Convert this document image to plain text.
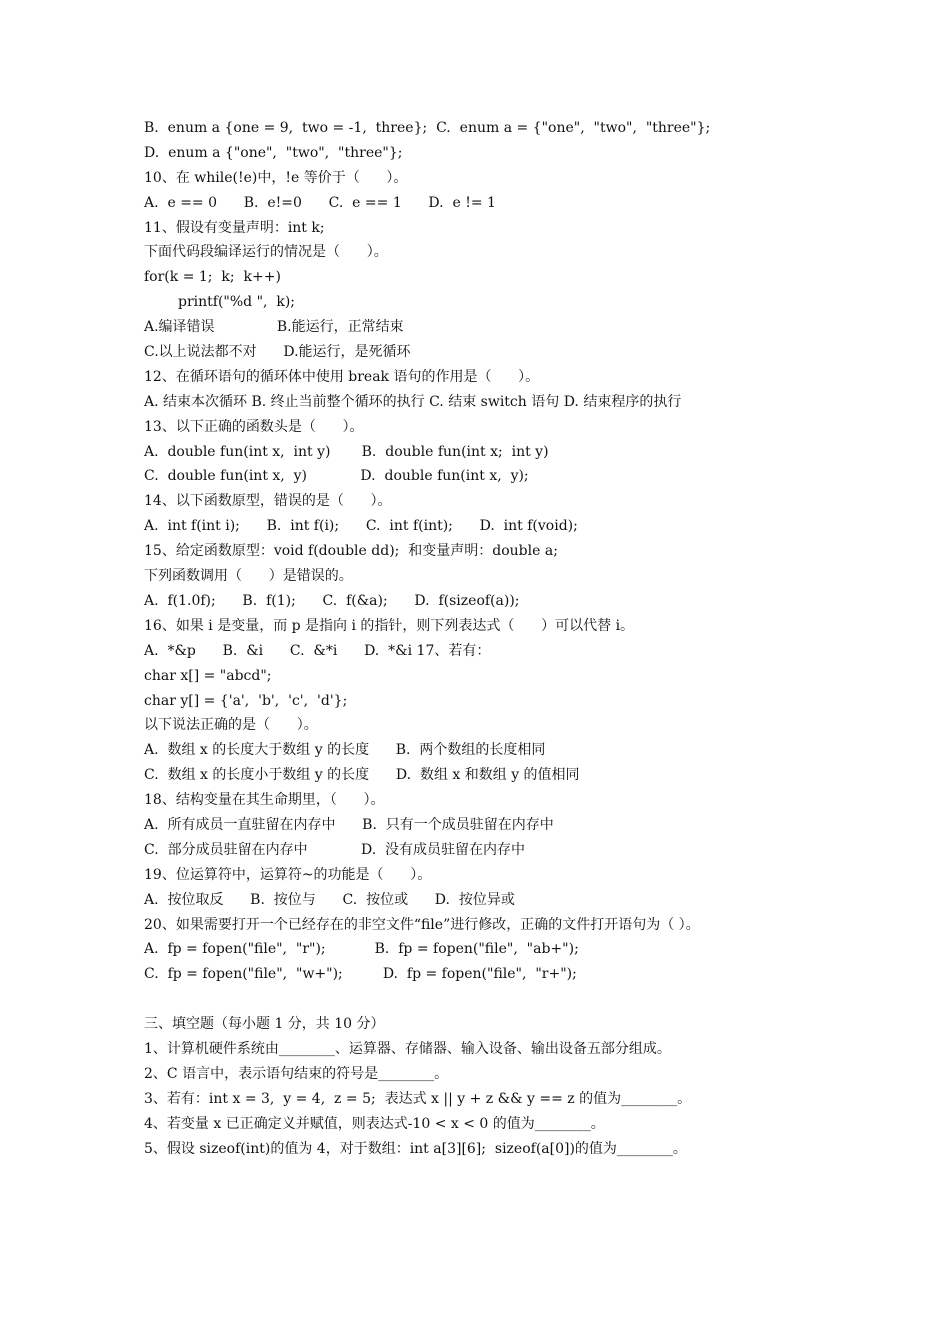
B.  enum a {one = 9,  two = -1,  three};  C.  enum a = {"one",  "two",  "three"};
D.  enum a {"one",  "two",  "three"};
10、在 while(!e)中，!e 等价于（      ）。
A.  e == 0      B.  e!=0      C.  e == 1      D.  e != 1
11、假设有变量声明：int k;
下面代码段编译运行的情况是（      ）。
for(k = 1;  k;  k++)
printf("%d ",  k);
A.编译错误              B.能运行，正常结束
C.以上说法都不对      D.能运行，是死循环
12、在循环语句的循环体中使用 break 语句的作用是（      ）。
A. 结束本次循环 B. 终止当前整个循环的执行 C. 结束 switch 语句 D. 结束程序的执行
13、以下正确的函数头是（      ）。
A.  double fun(int x,  int y)       B.  double fun(int x;  int y)
C.  double fun(int x,  y)            D.  double fun(int x,  y);
14、以下函数原型，错误的是（      ）。
A.  int f(int i);      B.  int f(i);      C.  int f(int);      D.  int f(void);
15、给定函数原型：void f(double dd);  和变量声明：double a;
下列函数调用（      ）是错误的。
A.  f(1.0f);      B.  f(1);      C.  f(&a);      D.  f(sizeof(a));
16、如果 i 是变量，而 p 是指向 i 的指针，则下列表达式（      ）可以代替 i。
A.  *&p      B.  &i      C.  &*i      D.  *&i 17、若有：
char x[] = "abcd";
char y[] = {'a',  'b',  'c',  'd'};
以下说法正确的是（      ）。
A.  数组 x 的长度大于数组 y 的长度      B.  两个数组的长度相同
C.  数组 x 的长度小于数组 y 的长度      D.  数组 x 和数组 y 的值相同
18、结构变量在其生命期里，（      ）。
A.  所有成员一直驻留在内存中      B.  只有一个成员驻留在内存中
C.  部分成员驻留在内存中            D.  没有成员驻留在内存中
19、位运算符中，运算符~的功能是（      ）。
A.  按位取反      B.  按位与      C.  按位或      D.  按位异或
20、如果需要打开一个已经存在的非空文件“file”进行修改，正确的文件打开语句为（ ）。
A.  fp = fopen("file",  "r");           B.  fp = fopen("file",  "ab+");
C.  fp = fopen("file",  "w+");         D.  fp = fopen("file",  "r+");
三、填空题（每小题 1 分，共 10 分）
1、计算机硬件系统由________、运算器、存储器、输入设备、输出设备五部分组成。
2、C 语言中，表示语句结束的符号是________。
3、若有：int x = 3,  y = 4,  z = 5;  表达式 x || y + z && y == z 的值为________。
4、若变量 x 已正确定义并赋值，则表达式-10 < x < 0 的值为________。
5、假设 sizeof(int)的值为 4，对于数组：int a[3][6];  sizeof(a[0])的值为________。
